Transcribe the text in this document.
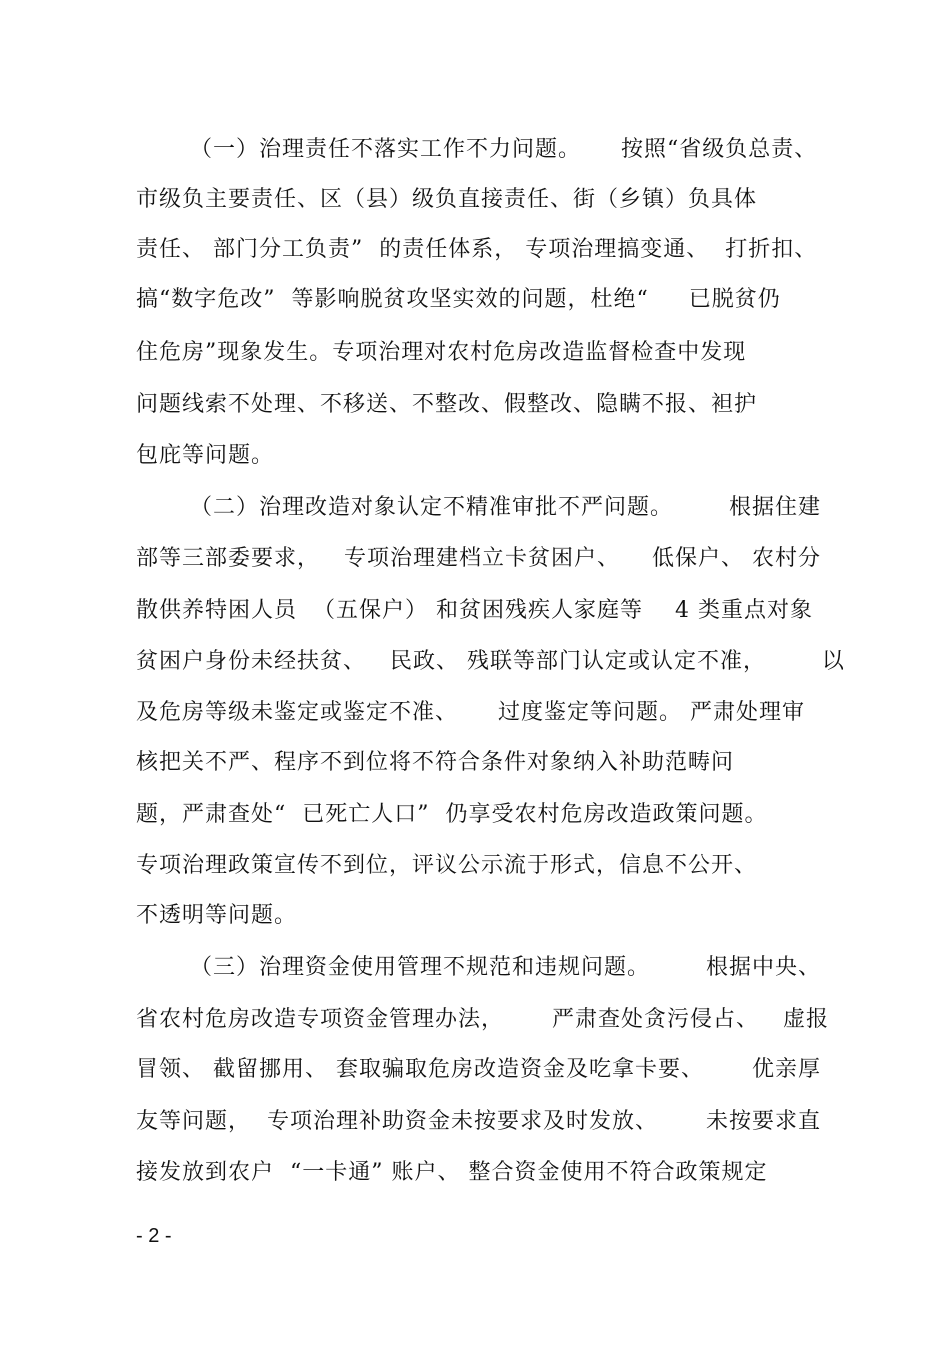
（一）治理责任不落实工作不力问题。     按照“省级负总责、
市级负主要责任、区（县）级负直接责任、街（乡镇）负具体
责任、 部门分工负责”  的责任体系， 专项治理搞变通、  打折扣、
搞“数字危改”  等影响脱贫攻坚实效的问题，杜绝“     已脱贫仍
住危房”现象发生。专项治理对农村危房改造监督检查中发现
问题线索不处理、不移送、不整改、假整改、隐瞒不报、袒护
包庇等问题。
（二）治理改造对象认定不精准审批不严问题。       根据住建
部等三部委要求，   专项治理建档立卡贫困户、    低保户、 农村分
散供养特困人员  （五保户） 和贫困残疾人家庭等    4 类重点对象
贫困户身份未经扶贫、   民政、 残联等部门认定或认定不准，       以
及危房等级未鉴定或鉴定不准、     过度鉴定等问题。 严肃处理审
核把关不严、程序不到位将不符合条件对象纳入补助范畴问
题，严肃查处“  已死亡人口”  仍享受农村危房改造政策问题。
专项治理政策宣传不到位，评议公示流于形式，信息不公开、
不透明等问题。
（三）治理资金使用管理不规范和违规问题。       根据中央、
省农村危房改造专项资金管理办法，      严肃查处贪污侵占、   虚报
冒领、 截留挪用、 套取骗取危房改造资金及吃拿卡要、      优亲厚
友等问题，  专项治理补助资金未按要求及时发放、      未按要求直
接发放到农户  “一卡通” 账户、 整合资金使用不符合政策规定
- 2 -
